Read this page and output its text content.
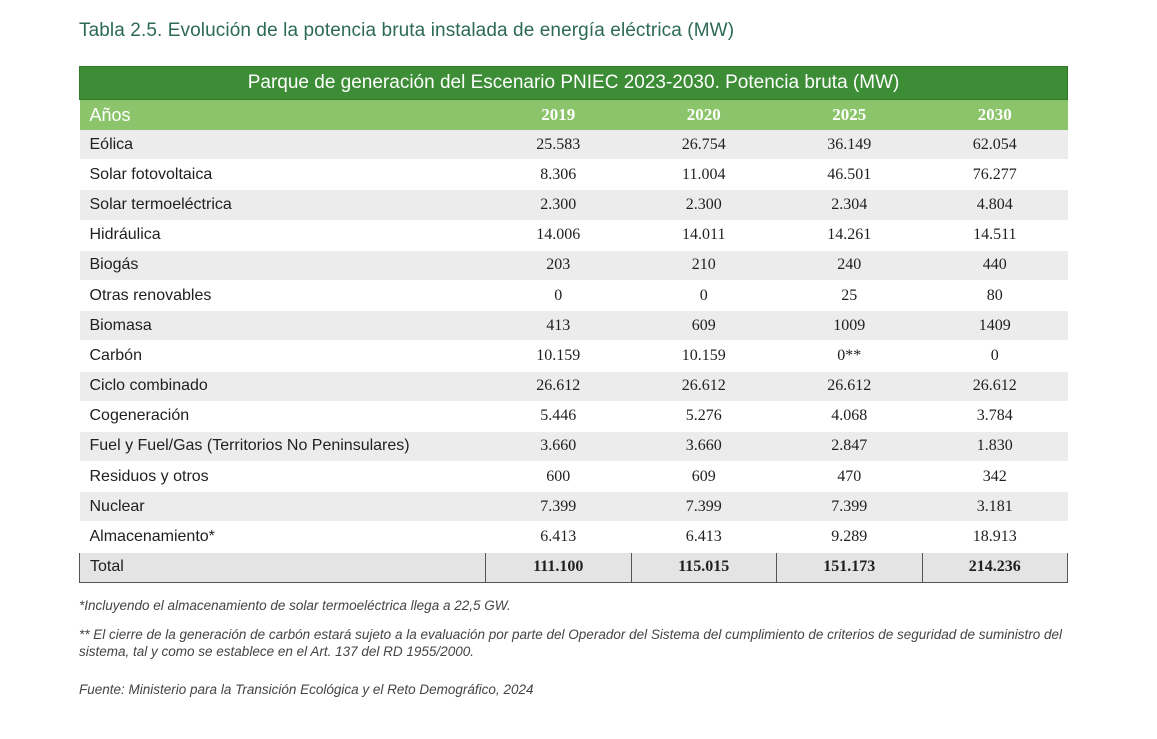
Tabla 2.5. Evolución de la potencia bruta instalada de energía eléctrica (MW)
Parque de generación del Escenario PNIEC 2023-2030. Potencia bruta (MW)				
Años	2019	2020	2025	2030
Eólica	25.583	26.754	36.149	62.054
Solar fotovoltaica	8.306	11.004	46.501	76.277
Solar termoeléctrica	2.300	2.300	2.304	4.804
Hidráulica	14.006	14.011	14.261	14.511
Biogás	203	210	240	440
Otras renovables	0	0	25	80
Biomasa	413	609	1009	1409
Carbón	10.159	10.159	0**	0
Ciclo combinado	26.612	26.612	26.612	26.612
Cogeneración	5.446	5.276	4.068	3.784
Fuel y Fuel/Gas (Territorios No Peninsulares)	3.660	3.660	2.847	1.830
Residuos y otros	600	609	470	342
Nuclear	7.399	7.399	7.399	3.181
Almacenamiento*	6.413	6.413	9.289	18.913
Total	111.100	115.015	151.173	214.236
*Incluyendo el almacenamiento de solar termoeléctrica llega a 22,5 GW.
** El cierre de la generación de carbón estará sujeto a la evaluación por parte del Operador del Sistema del cumplimiento de criterios de seguridad de suministro del sistema, tal y como se establece en el Art. 137 del RD 1955/2000.
Fuente: Ministerio para la Transición Ecológica y el Reto Demográfico, 2024
